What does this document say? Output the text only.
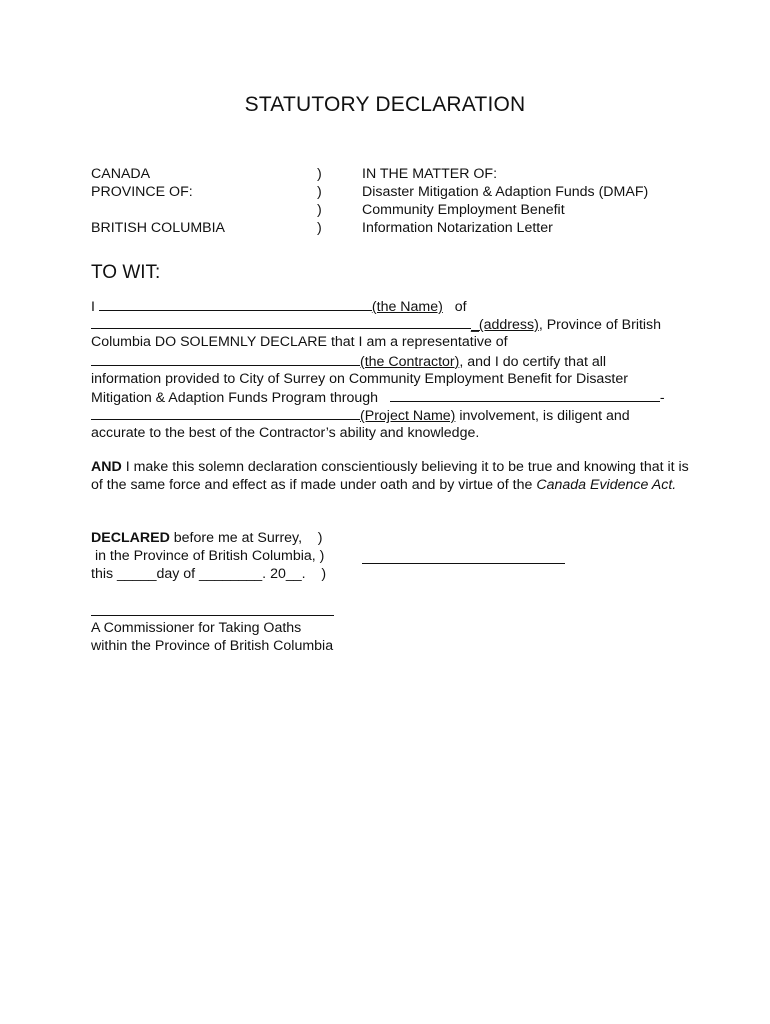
STATUTORY DECLARATION
CANADA
PROVINCE OF:
BRITISH COLUMBIA
)
)
)
)
IN THE MATTER OF:
Disaster Mitigation & Adaption Funds (DMAF)
Community Employment Benefit
Information Notarization Letter
TO WIT:
I	(the Name) of
_(address), Province of British
Columbia DO SOLEMNLY DECLARE that I am a representative of
(the Contractor), and I do certify that all
information provided to City of Surrey on Community Employment Benefit for Disaster
Mitigation & Adaption Funds Program through	-
(Project Name) involvement, is diligent and
accurate to the best of the Contractor’s ability and knowledge.
AND I make this solemn declaration conscientiously believing it to be true and knowing that it is of the same force and effect as if made under oath and by virtue of the Canada Evidence Act.
DECLARED before me at Surrey,    )
in the Province of British Columbia, )
this _____day of ________. 20__.    )
A Commissioner for Taking Oaths
within the Province of British Columbia
